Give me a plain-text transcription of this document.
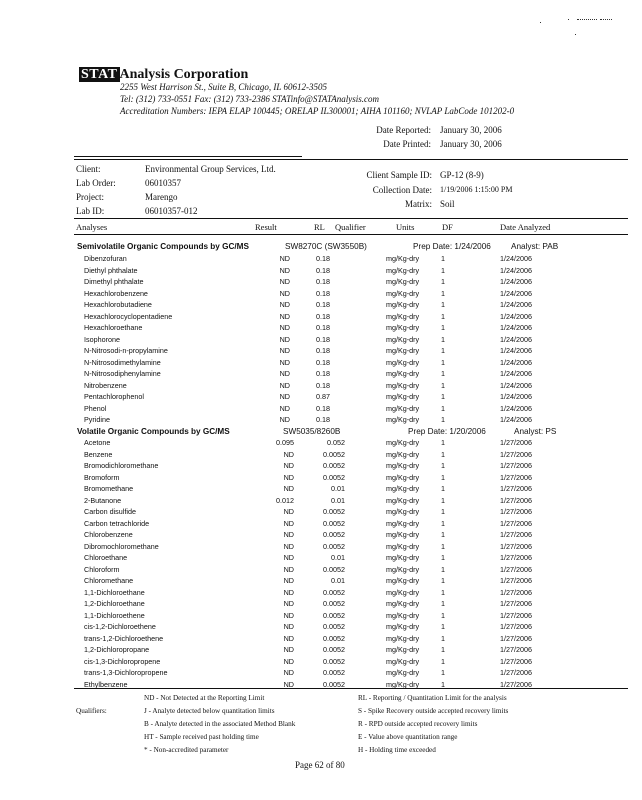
STAT Analysis Corporation
2255 West Harrison St., Suite B, Chicago, IL 60612-3505
Tel: (312) 733-0551 Fax: (312) 733-2386 STATinfo@STATAnalysis.com
Accreditation Numbers: IEPA ELAP 100445; ORELAP IL300001; AIHA 101160; NVLAP LabCode 101202-0
Date Reported: January 30, 2006
Date Printed: January 30, 2006
Client:	Environmental Group Services, Ltd.
Lab Order:	06010357
Project:	Marengo
Lab ID:	06010357-012
Client Sample ID: GP-12 (8-9)
Collection Date: 1/19/2006 1:15:00 PM
Matrix: Soil
Analyses	Result	RL Qualifier	Units	DF	Date Analyzed
Semivolatile Organic Compounds by GC/MS	SW8270C (SW3550B)	Prep Date: 1/24/2006 Analyst: PAB
Dibenzofuran	ND	0.18	mg/Kg-dry	1	1/24/2006
Diethyl phthalate	ND	0.18	mg/Kg-dry	1	1/24/2006
Dimethyl phthalate	ND	0.18	mg/Kg-dry	1	1/24/2006
Hexachlorobenzene	ND	0.18	mg/Kg-dry	1	1/24/2006
Hexachlorobutadiene	ND	0.18	mg/Kg-dry	1	1/24/2006
Hexachlorocyclopentadiene	ND	0.18	mg/Kg-dry	1	1/24/2006
Hexachloroethane	ND	0.18	mg/Kg-dry	1	1/24/2006
Isophorone	ND	0.18	mg/Kg-dry	1	1/24/2006
N-Nitrosodi-n-propylamine	ND	0.18	mg/Kg-dry	1	1/24/2006
N-Nitrosodimethylamine	ND	0.18	mg/Kg-dry	1	1/24/2006
N-Nitrosodiphenylamine	ND	0.18	mg/Kg-dry	1	1/24/2006
Nitrobenzene	ND	0.18	mg/Kg-dry	1	1/24/2006
Pentachlorophenol	ND	0.87	mg/Kg-dry	1	1/24/2006
Phenol	ND	0.18	mg/Kg-dry	1	1/24/2006
Pyridine	ND	0.18	mg/Kg-dry	1	1/24/2006
Volatile Organic Compounds by GC/MS	SW5035/8260B	Prep Date: 1/20/2006	Analyst: PS
Acetone	0.095	0.052	mg/Kg-dry	1	1/27/2006
Benzene	ND	0.0052	mg/Kg-dry	1	1/27/2006
Bromodichloromethane	ND	0.0052	mg/Kg-dry	1	1/27/2006
Bromoform	ND	0.0052	mg/Kg-dry	1	1/27/2006
Bromomethane	ND	0.01	mg/Kg-dry	1	1/27/2006
2-Butanone	0.012	0.01	mg/Kg-dry	1	1/27/2006
Carbon disulfide	ND	0.0052	mg/Kg-dry	1	1/27/2006
Carbon tetrachloride	ND	0.0052	mg/Kg-dry	1	1/27/2006
Chlorobenzene	ND	0.0052	mg/Kg-dry	1	1/27/2006
Dibromochloromethane	ND	0.0052	mg/Kg-dry	1	1/27/2006
Chloroethane	ND	0.01	mg/Kg-dry	1	1/27/2006
Chloroform	ND	0.0052	mg/Kg-dry	1	1/27/2006
Chloromethane	ND	0.01	mg/Kg-dry	1	1/27/2006
1,1-Dichloroethane	ND	0.0052	mg/Kg-dry	1	1/27/2006
1,2-Dichloroethane	ND	0.0052	mg/Kg-dry	1	1/27/2006
1,1-Dichloroethene	ND	0.0052	mg/Kg-dry	1	1/27/2006
cis-1,2-Dichloroethene	ND	0.0052	mg/Kg-dry	1	1/27/2006
trans-1,2-Dichloroethene	ND	0.0052	mg/Kg-dry	1	1/27/2006
1,2-Dichloropropane	ND	0.0052	mg/Kg-dry	1	1/27/2006
cis-1,3-Dichloropropene	ND	0.0052	mg/Kg-dry	1	1/27/2006
trans-1,3-Dichloropropene	ND	0.0052	mg/Kg-dry	1	1/27/2006
Ethylbenzene	ND	0.0052	mg/Kg-dry	1	1/27/2006
Qualifiers:
ND - Not Detected at the Reporting Limit
J - Analyte detected below quantitation limits
B - Analyte detected in the associated Method Blank
HT - Sample received past holding time
* - Non-accredited parameter
RL - Reporting / Quantitation Limit for the analysis
S - Spike Recovery outside accepted recovery limits
R - RPD outside accepted recovery limits
E - Value above quantitation range
H - Holding time exceeded
Page 62 of 80
